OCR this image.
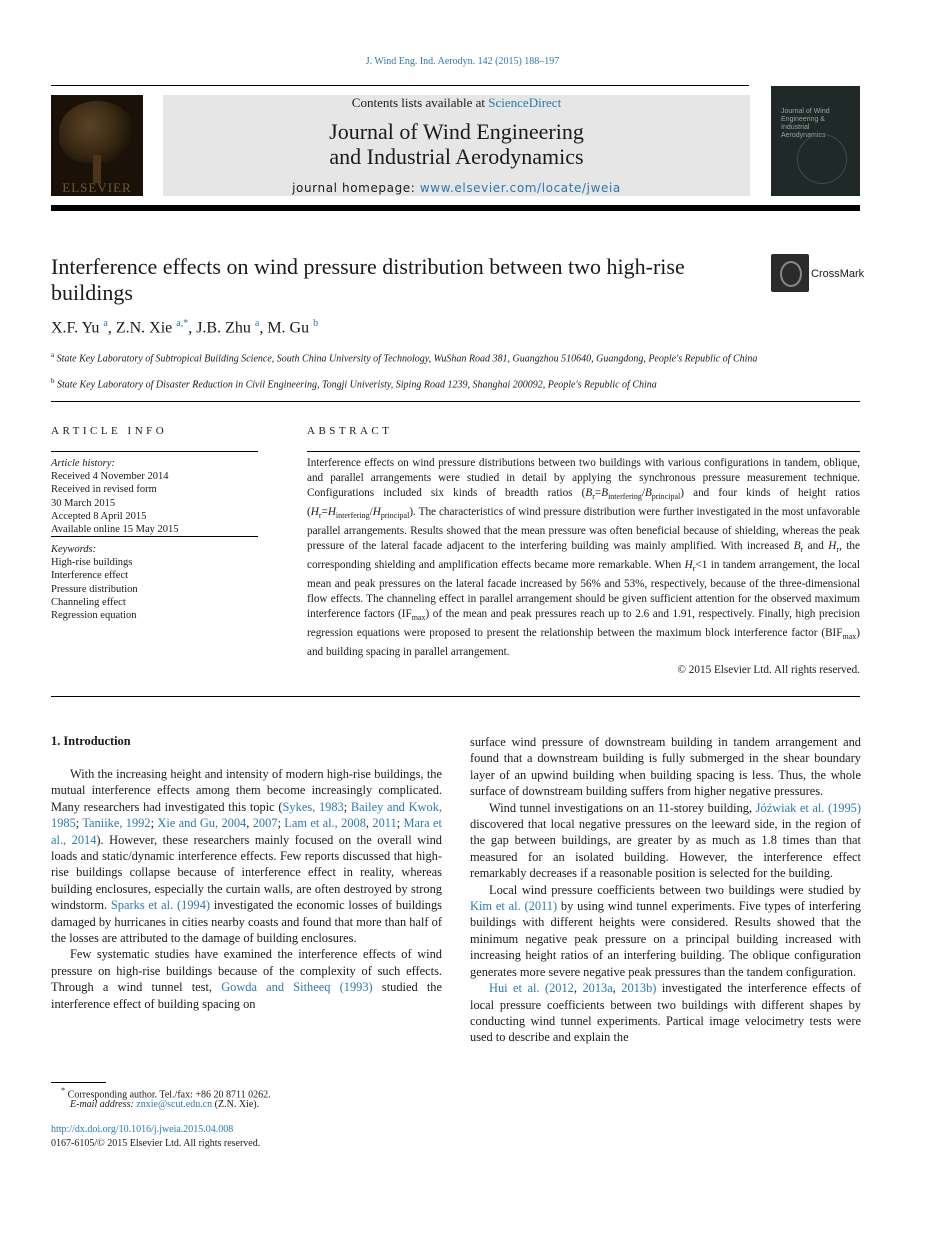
J. Wind Eng. Ind. Aerodyn. 142 (2015) 188–197
ELSEVIER
Contents lists available at ScienceDirect
Journal of Wind Engineering
and Industrial Aerodynamics
journal homepage: www.elsevier.com/locate/jweia
Journal of Wind Engineering & Industrial Aerodynamics
Interference effects on wind pressure distribution between two high-rise buildings
CrossMark
X.F. Yu $^a$, Z.N. Xie $^{a,*}$, J.B. Zhu $^a$, M. Gu $^b$
$^a$ State Key Laboratory of Subtropical Building Science, South China University of Technology, WuShan Road 381, Guangzhou 510640, Guangdong, People's Republic of China
$^b$ State Key Laboratory of Disaster Reduction in Civil Engineering, Tongji Univeristy, Siping Road 1239, Shanghai 200092, People's Republic of China
ARTICLE INFO
Article history:
Received 4 November 2014
Received in revised form
30 March 2015
Accepted 8 April 2015
Available online 15 May 2015
Keywords:
High-rise buildings
Interference effect
Pressure distribution
Channeling effect
Regression equation
ABSTRACT
Interference effects on wind pressure distributions between two buildings with various configurations in tandem, oblique, and parallel arrangements were studied in detail by applying the synchronous pressure measurement technique. Configurations included six kinds of breadth ratios $(B_r=B_{interfering}/B_{principal})$ and four kinds of height ratios $(H_r=H_{interfering}/H_{principal})$. The characteristics of wind pressure distribution were further investigated in the most unfavorable parallel arrangements. Results showed that the mean pressure was often beneficial because of shielding, whereas the peak pressure of the lateral facade adjacent to the interfering building was mainly amplified. With increased $B_r$ and $H_r$, the corresponding shielding and amplification effects became more remarkable. When $H_r<1$ in tandem arrangement, the local mean and peak pressures on the lateral facade increased by 56% and 53%, respectively, because of the three-dimensional flow effects. The channeling effect in parallel arrangement should be given sufficient attention for the observed maximum interference factors $(IF_{max})$ of the mean and peak pressures reach up to 2.6 and 1.91, respectively. Finally, high precision regression equations were proposed to present the relationship between the maximum block interference factor $(BIF_{max})$ and building spacing in parallel arrangement.
© 2015 Elsevier Ltd. All rights reserved.
1. Introduction

With the increasing height and intensity of modern high-rise buildings, the mutual interference effects among them become increasingly complicated. Many researchers had investigated this topic (Sykes, 1983; Bailey and Kwok, 1985; Taniike, 1992; Xie and Gu, 2004, 2007; Lam et al., 2008, 2011; Mara et al., 2014). However, these researchers mainly focused on the overall wind loads and static/dynamic interference effects. Few reports discussed that high-rise buildings collapse because of interference effect in reality, whereas building enclosures, especially the curtain walls, are often destroyed by strong windstorm. Sparks et al. (1994) investigated the economic losses of buildings damaged by hurricanes in cities nearby coasts and found that more than half of the losses are attributed to the damage of building enclosures.

Few systematic studies have examined the interference effects of wind pressure on high-rise buildings because of the complexity of such effects. Through a wind tunnel test, Gowda and Sitheeq (1993) studied the interference effect of building spacing on

surface wind pressure of downstream building in tandem arrangement and found that a downstream building is fully submerged in the shear boundary layer of an upwind building when building spacing is less. Thus, the whole surface of downstream building suffers from higher negative pressures.

Wind tunnel investigations on an 11-storey building, Jóźwiak et al. (1995) discovered that local negative pressures on the leeward side, in the region of the gap between buildings, are greater by as much as 1.8 times than that measured for an isolated building. However, the interference effect remarkably decreases if a reasonable position is selected for the building.

Local wind pressure coefficients between two buildings were studied by Kim et al. (2011) by using wind tunnel experiments. Five types of interfering buildings with different heights were considered. Results showed that the minimum negative peak pressure on a principal building increased with increasing height ratios of an interfering building. The oblique configuration generates more severe negative peak pressures than the tandem configuration.

Hui et al. (2012, 2013a, 2013b) investigated the interference effects of local pressure coefficients between two buildings with different shapes by conducting wind tunnel experiments. Partical image velocimetry tests were used to describe and explain the

* Corresponding author. Tel./fax: +86 20 8711 0262.
E-mail address: znxie@scut.edu.cn (Z.N. Xie).
http://dx.doi.org/10.1016/j.jweia.2015.04.008
0167-6105/© 2015 Elsevier Ltd. All rights reserved.
